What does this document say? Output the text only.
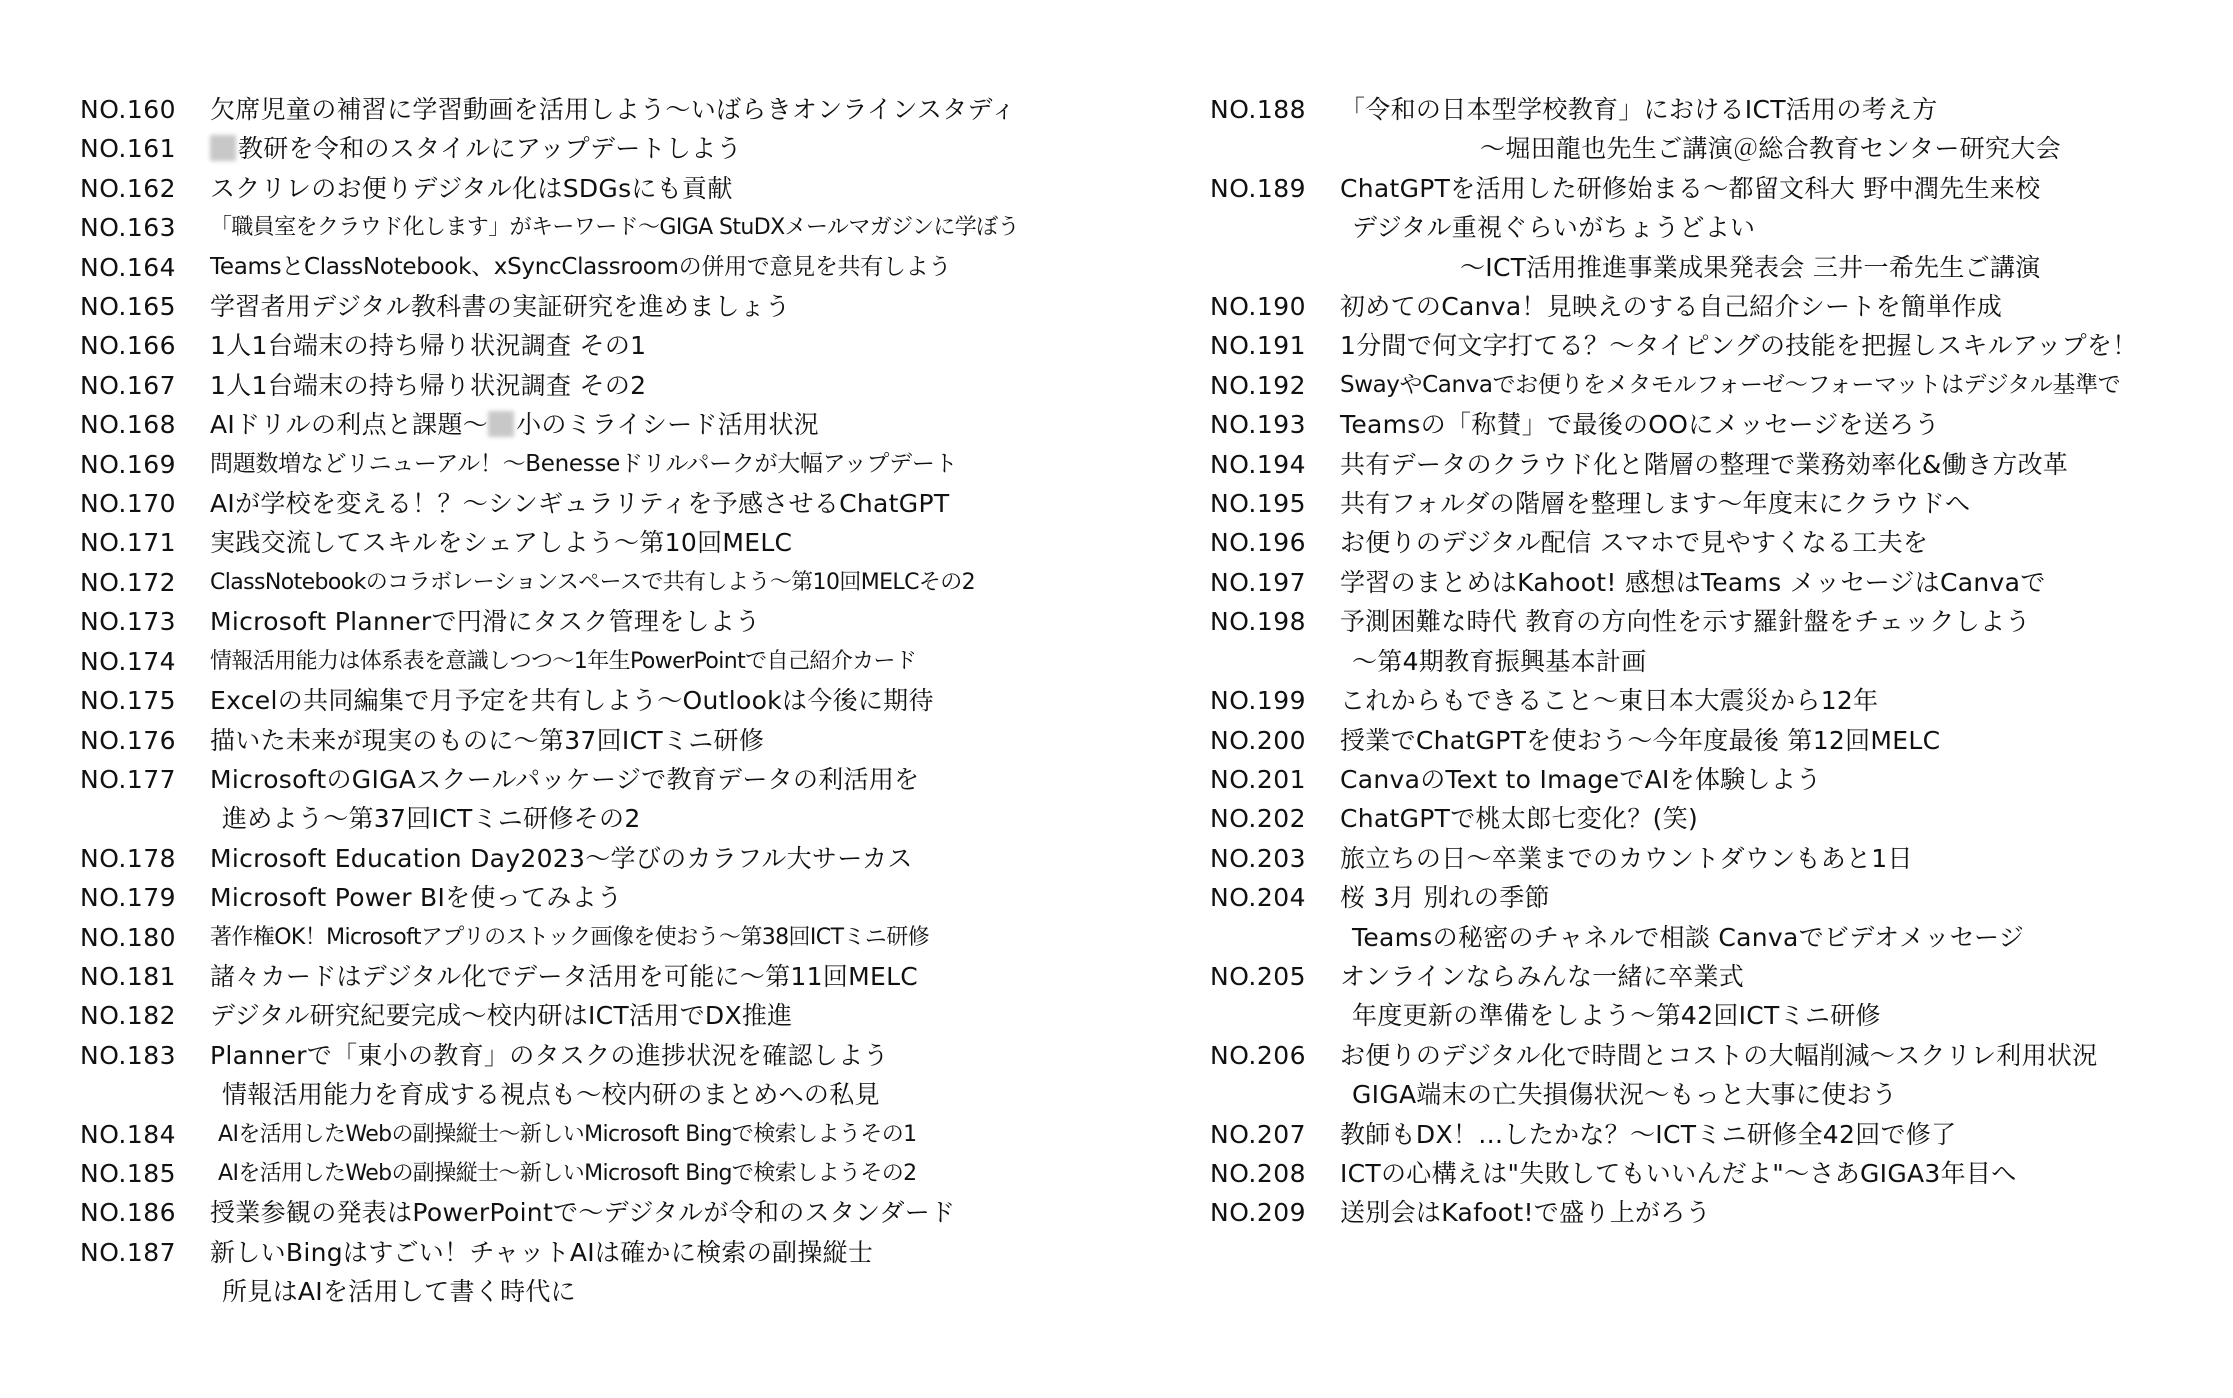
NO.160	欠席児童の補習に学習動画を活用しよう～いばらきオンラインスタディ
NO.161	教研を令和のスタイルにアップデートしよう
NO.162	スクリレのお便りデジタル化はSDGsにも貢献
NO.163	「職員室をクラウド化します」がキーワード～GIGA StuDXメールマガジンに学ぼう
NO.164	TeamsとClassNotebook、xSyncClassroomの併用で意見を共有しよう
NO.165	学習者用デジタル教科書の実証研究を進めましょう
NO.166	1人1台端末の持ち帰り状況調査 その1
NO.167	1人1台端末の持ち帰り状況調査 その2
NO.168	AIドリルの利点と課題～ 小のミライシード活用状況
NO.169	問題数増などリニューアル！～Benesseドリルパークが大幅アップデート
NO.170	AIが学校を変える！？～シンギュラリティを予感させるChatGPT
NO.171	実践交流してスキルをシェアしよう～第10回MELC
NO.172	ClassNotebookのコラボレーションスペースで共有しよう～第10回MELCその2
NO.173	Microsoft Plannerで円滑にタスク管理をしよう
NO.174	情報活用能力は体系表を意識しつつ～1年生PowerPointで自己紹介カード
NO.175	Excelの共同編集で月予定を共有しよう～Outlookは今後に期待
NO.176	描いた未来が現実のものに～第37回ICTミニ研修
NO.177	MicrosoftのGIGAスクールパッケージで教育データの利活用を
進めよう～第37回ICTミニ研修その2
NO.178	Microsoft Education Day2023～学びのカラフル大サーカス
NO.179	Microsoft Power BIを使ってみよう
NO.180	著作権OK！Microsoftアプリのストック画像を使おう～第38回ICTミニ研修
NO.181	諸々カードはデジタル化でデータ活用を可能に～第11回MELC
NO.182	デジタル研究紀要完成～校内研はICT活用でDX推進
NO.183	Plannerで「東小の教育」のタスクの進捗状況を確認しよう
情報活用能力を育成する視点も～校内研のまとめへの私見
NO.184	AIを活用したWebの副操縦士～新しいMicrosoft Bingで検索しようその1
NO.185	AIを活用したWebの副操縦士～新しいMicrosoft Bingで検索しようその2
NO.186	授業参観の発表はPowerPointで～デジタルが令和のスタンダード
NO.187	新しいBingはすごい！チャットAIは確かに検索の副操縦士
所見はAIを活用して書く時代に
NO.188	「令和の日本型学校教育」におけるICT活用の考え方
～堀田龍也先生ご講演＠総合教育センター研究大会
NO.189	ChatGPTを活用した研修始まる～都留文科大 野中潤先生来校
デジタル重視ぐらいがちょうどよい
～ICT活用推進事業成果発表会 三井一希先生ご講演
NO.190	初めてのCanva！見映えのする自己紹介シートを簡単作成
NO.191	1分間で何文字打てる？～タイピングの技能を把握しスキルアップを！
NO.192	SwayやCanvaでお便りをメタモルフォーゼ～フォーマットはデジタル基準で
NO.193	Teamsの「称賛」で最後のOOにメッセージを送ろう
NO.194	共有データのクラウド化と階層の整理で業務効率化&働き方改革
NO.195	共有フォルダの階層を整理します～年度末にクラウドへ
NO.196	お便りのデジタル配信 スマホで見やすくなる工夫を
NO.197	学習のまとめはKahoot! 感想はTeams メッセージはCanvaで
NO.198	予測困難な時代 教育の方向性を示す羅針盤をチェックしよう
～第4期教育振興基本計画
NO.199	これからもできること～東日本大震災から12年
NO.200	授業でChatGPTを使おう～今年度最後 第12回MELC
NO.201	CanvaのText to ImageでAIを体験しよう
NO.202	ChatGPTで桃太郎七変化？(笑)
NO.203	旅立ちの日～卒業までのカウントダウンもあと1日
NO.204	桜 3月 別れの季節
Teamsの秘密のチャネルで相談 Canvaでビデオメッセージ
NO.205	オンラインならみんな一緒に卒業式
年度更新の準備をしよう～第42回ICTミニ研修
NO.206	お便りのデジタル化で時間とコストの大幅削減～スクリレ利用状況
GIGA端末の亡失損傷状況～もっと大事に使おう
NO.207	教師もDX！…したかな？～ICTミニ研修全42回で修了
NO.208	ICTの心構えは"失敗してもいいんだよ"～さあGIGA3年目へ
NO.209	送別会はKafoot!で盛り上がろう
